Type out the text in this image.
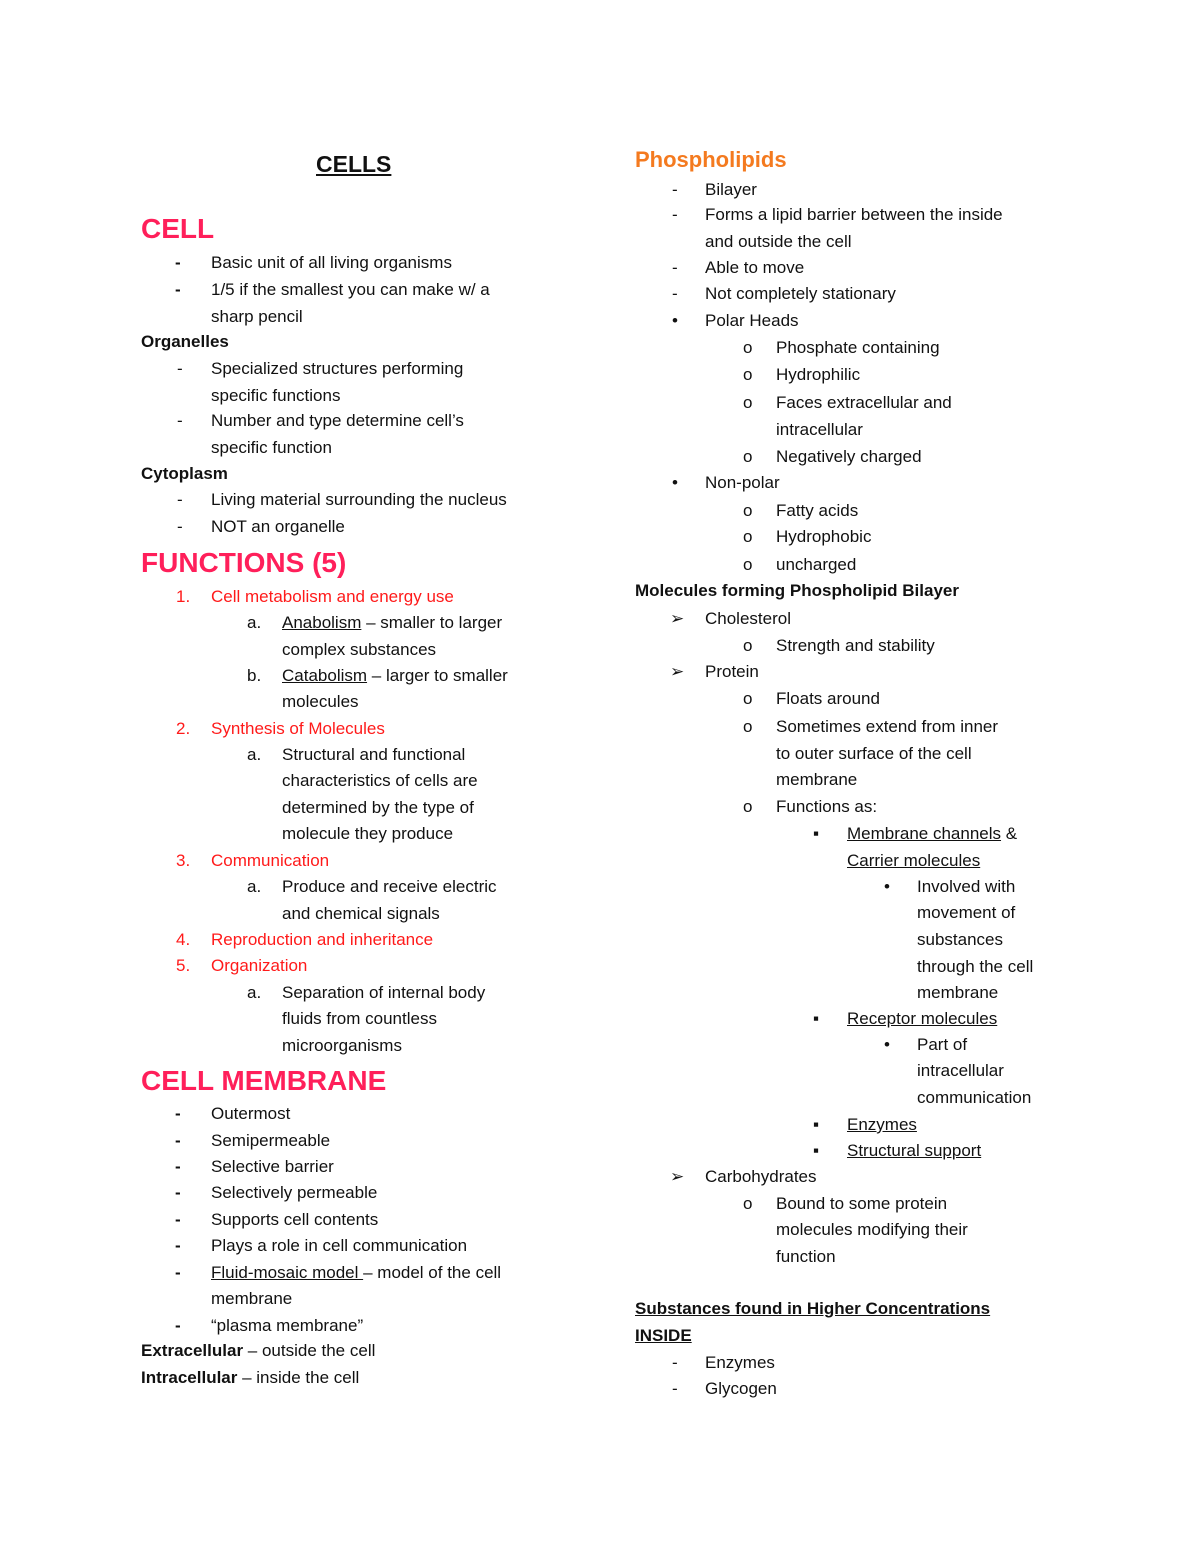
CELLS
CELL
- Basic unit of all living organisms
- 1/5 if the smallest you can make w/ a
sharp pencil
Organelles
- Specialized structures performing
specific functions
- Number and type determine cell’s
specific function
Cytoplasm
- Living material surrounding the nucleus
- NOT an organelle
FUNCTIONS (5)
1. Cell metabolism and energy use
a. Anabolism – smaller to larger
complex substances
b. Catabolism – larger to smaller
molecules
2. Synthesis of Molecules
a. Structural and functional
characteristics of cells are
determined by the type of
molecule they produce
3. Communication
a. Produce and receive electric
and chemical signals
4. Reproduction and inheritance
5. Organization
a. Separation of internal body
fluids from countless
microorganisms
CELL MEMBRANE
- Outermost
- Semipermeable
- Selective barrier
- Selectively permeable
- Supports cell contents
- Plays a role in cell communication
- Fluid-mosaic model – model of the cell
membrane
- “plasma membrane”
Extracellular – outside the cell
Intracellular – inside the cell
Phospholipids
- Bilayer
- Forms a lipid barrier between the inside
and outside the cell
- Able to move
- Not completely stationary
• Polar Heads
o Phosphate containing
o Hydrophilic
o Faces extracellular and
intracellular
o Negatively charged
• Non-polar
o Fatty acids
o Hydrophobic
o uncharged
Molecules forming Phospholipid Bilayer
➢ Cholesterol
o Strength and stability
➢ Protein
o Floats around
o Sometimes extend from inner
to outer surface of the cell
membrane
o Functions as:
▪ Membrane channels &
Carrier molecules
• Involved with
movement of
substances
through the cell
membrane
▪ Receptor molecules
• Part of
intracellular
communication
▪ Enzymes
▪ Structural support
➢ Carbohydrates
o Bound to some protein
molecules modifying their
function
Substances found in Higher Concentrations
INSIDE
- Enzymes
- Glycogen
